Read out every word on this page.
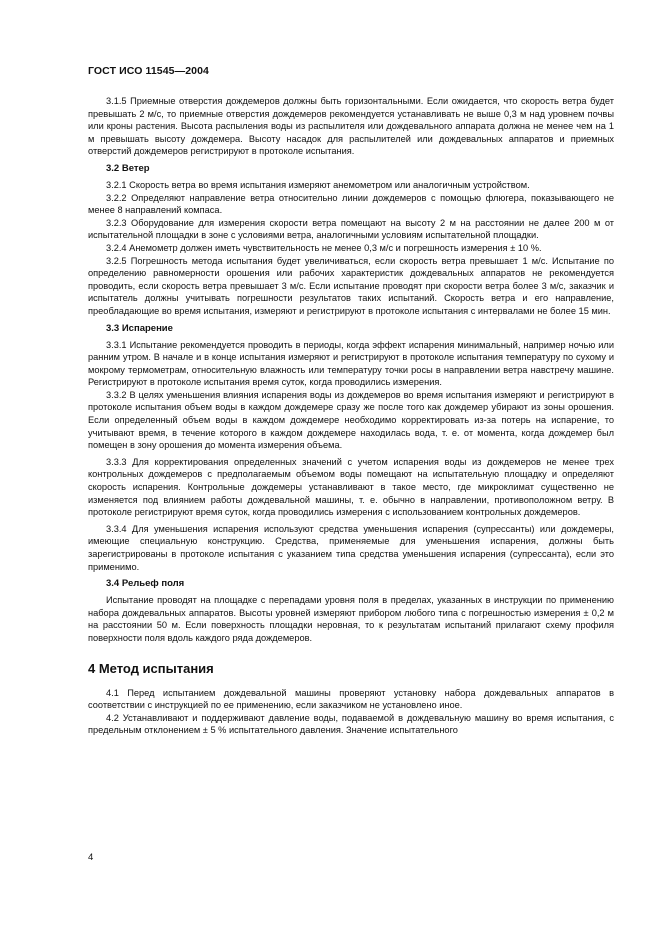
ГОСТ ИСО 11545—2004

3.1.5 Приемные отверстия дождемеров должны быть горизонтальными. Если ожидается, что скорость ветра будет превышать 2 м/с, то приемные отверстия дождемеров рекомендуется устанавливать не выше 0,3 м над уровнем почвы или кроны растения. Высота распыления воды из распылителя или дождевального аппарата должна не менее чем на 1 м превышать высоту дождемера. Высоту насадок для распылителей или дождевальных аппаратов и приемных отверстий дождемеров регистрируют в протоколе испытания.

3.2 Ветер

3.2.1 Скорость ветра во время испытания измеряют анемометром или аналогичным устройством.

3.2.2 Определяют направление ветра относительно линии дождемеров с помощью флюгера, показывающего не менее 8 направлений компаса.

3.2.3 Оборудование для измерения скорости ветра помещают на высоту 2 м на расстоянии не далее 200 м от испытательной площадки в зоне с условиями ветра, аналогичными условиям испытательной площадки.

3.2.4 Анемометр должен иметь чувствительность не менее 0,3 м/с и погрешность измерения ± 10 %.

3.2.5 Погрешность метода испытания будет увеличиваться, если скорость ветра превышает 1 м/с. Испытание по определению равномерности орошения или рабочих характеристик дождевальных аппаратов не рекомендуется проводить, если скорость ветра превышает 3 м/с. Если испытание проводят при скорости ветра более 3 м/с, заказчик и испытатель должны учитывать погрешности результатов таких испытаний. Скорость ветра и его направление, преобладающие во время испытания, измеряют и регистрируют в протоколе испытания с интервалами не более 15 мин.

3.3 Испарение

3.3.1 Испытание рекомендуется проводить в периоды, когда эффект испарения минимальный, например ночью или ранним утром. В начале и в конце испытания измеряют и регистрируют в протоколе испытания температуру по сухому и мокрому термометрам, относительную влажность или температуру точки росы в направлении ветра навстречу машине. Регистрируют в протоколе испытания время суток, когда проводились измерения.

3.3.2 В целях уменьшения влияния испарения воды из дождемеров во время испытания измеряют и регистрируют в протоколе испытания объем воды в каждом дождемере сразу же после того как дождемер убирают из зоны орошения. Если определенный объем воды в каждом дождемере необходимо корректировать из-за потерь на испарение, то учитывают время, в течение которого в каждом дождемере находилась вода, т. е. от момента, когда дождемер был помещен в зону орошения до момента измерения объема.

3.3.3 Для корректирования определенных значений с учетом испарения воды из дождемеров не менее трех контрольных дождемеров с предполагаемым объемом воды помещают на испытательную площадку и определяют скорость испарения. Контрольные дождемеры устанавливают в такое место, где микроклимат существенно не изменяется под влиянием работы дождевальной машины, т. е. обычно в направлении, противоположном ветру. В протоколе регистрируют время суток, когда проводились измерения с использованием контрольных дождемеров.

3.3.4 Для уменьшения испарения используют средства уменьшения испарения (супрессанты) или дождемеры, имеющие специальную конструкцию. Средства, применяемые для уменьшения испарения, должны быть зарегистрированы в протоколе испытания с указанием типа средства уменьшения испарения (супрессанта), если это применимо.

3.4 Рельеф поля

Испытание проводят на площадке с перепадами уровня поля в пределах, указанных в инструкции по применению набора дождевальных аппаратов. Высоты уровней измеряют прибором любого типа с погрешностью измерения ± 0,2 м на расстоянии 50 м. Если поверхность площадки неровная, то к результатам испытаний прилагают схему профиля поверхности поля вдоль каждого ряда дождемеров.

4 Метод испытания

4.1 Перед испытанием дождевальной машины проверяют установку набора дождевальных аппаратов в соответствии с инструкцией по ее применению, если заказчиком не установлено иное.

4.2 Устанавливают и поддерживают давление воды, подаваемой в дождевальную машину во время испытания, с предельным отклонением ± 5 % испытательного давления. Значение испытательного

4
